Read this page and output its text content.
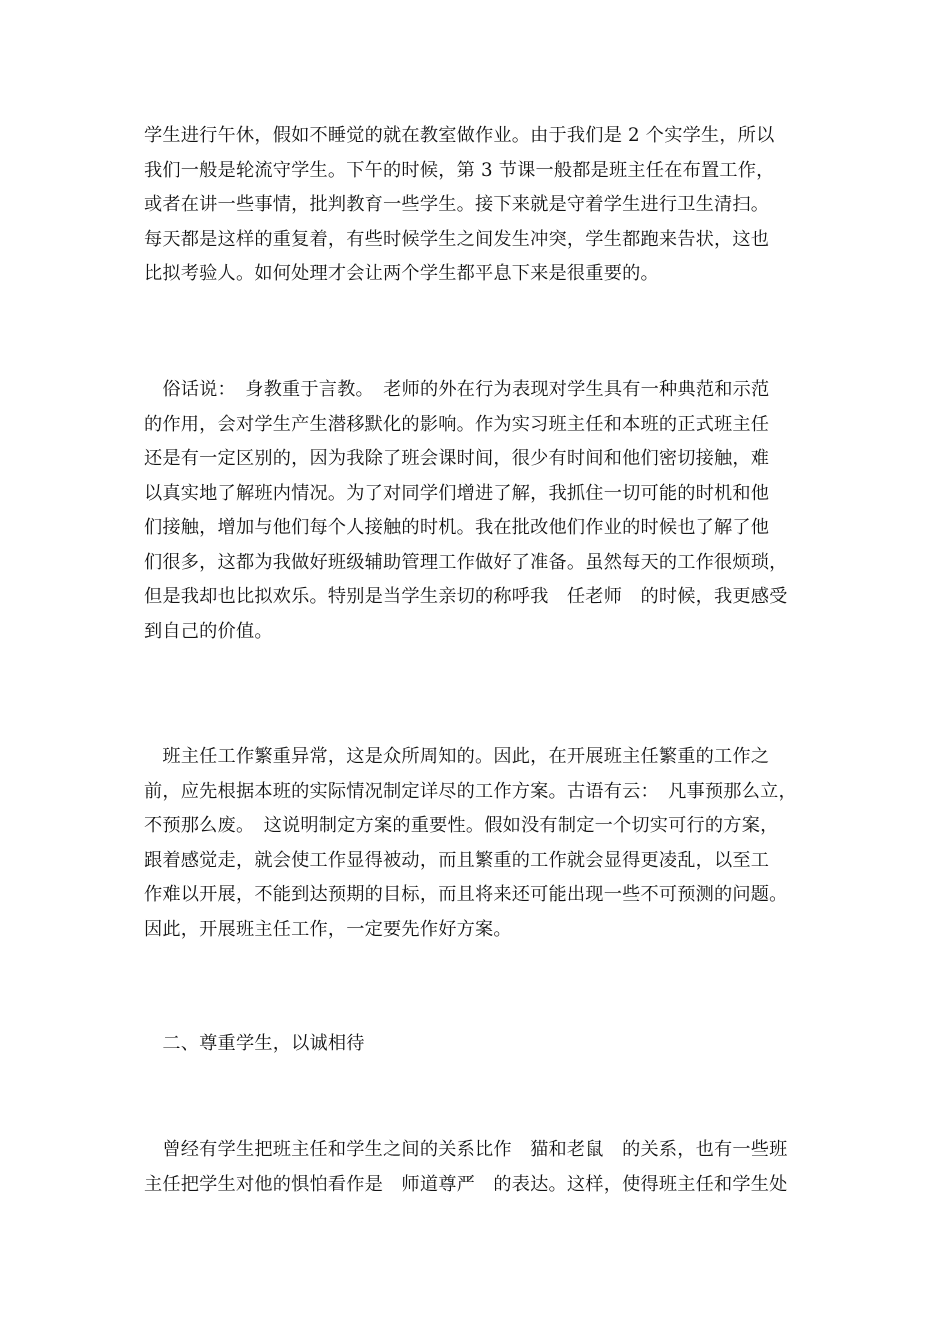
学生进行午休，假如不睡觉的就在教室做作业。由于我们是 2 个实学生，所以
我们一般是轮流守学生。下午的时候，第 3 节课一般都是班主任在布置工作，
或者在讲一些事情，批判教育一些学生。接下来就是守着学生进行卫生清扫。
每天都是这样的重复着，有些时候学生之间发生冲突，学生都跑来告状，这也
比拟考验人。如何处理才会让两个学生都平息下来是很重要的。
　俗话说：　身教重于言教。　老师的外在行为表现对学生具有一种典范和示范
的作用，会对学生产生潜移默化的影响。作为实习班主任和本班的正式班主任
还是有一定区别的，因为我除了班会课时间，很少有时间和他们密切接触，难
以真实地了解班内情况。为了对同学们增进了解，我抓住一切可能的时机和他
们接触，增加与他们每个人接触的时机。我在批改他们作业的时候也了解了他
们很多，这都为我做好班级辅助管理工作做好了准备。虽然每天的工作很烦琐，
但是我却也比拟欢乐。特别是当学生亲切的称呼我　任老师　的时候，我更感受
到自己的价值。
　班主任工作繁重异常，这是众所周知的。因此，在开展班主任繁重的工作之
前，应先根据本班的实际情况制定详尽的工作方案。古语有云：　凡事预那么立，
不预那么废。　这说明制定方案的重要性。假如没有制定一个切实可行的方案，
跟着感觉走，就会使工作显得被动，而且繁重的工作就会显得更凌乱，以至工
作难以开展，不能到达预期的目标，而且将来还可能出现一些不可预测的问题。
因此，开展班主任工作，一定要先作好方案。
　二、尊重学生，以诚相待
　曾经有学生把班主任和学生之间的关系比作　猫和老鼠　的关系，也有一些班
主任把学生对他的惧怕看作是　师道尊严　的表达。这样，使得班主任和学生处
